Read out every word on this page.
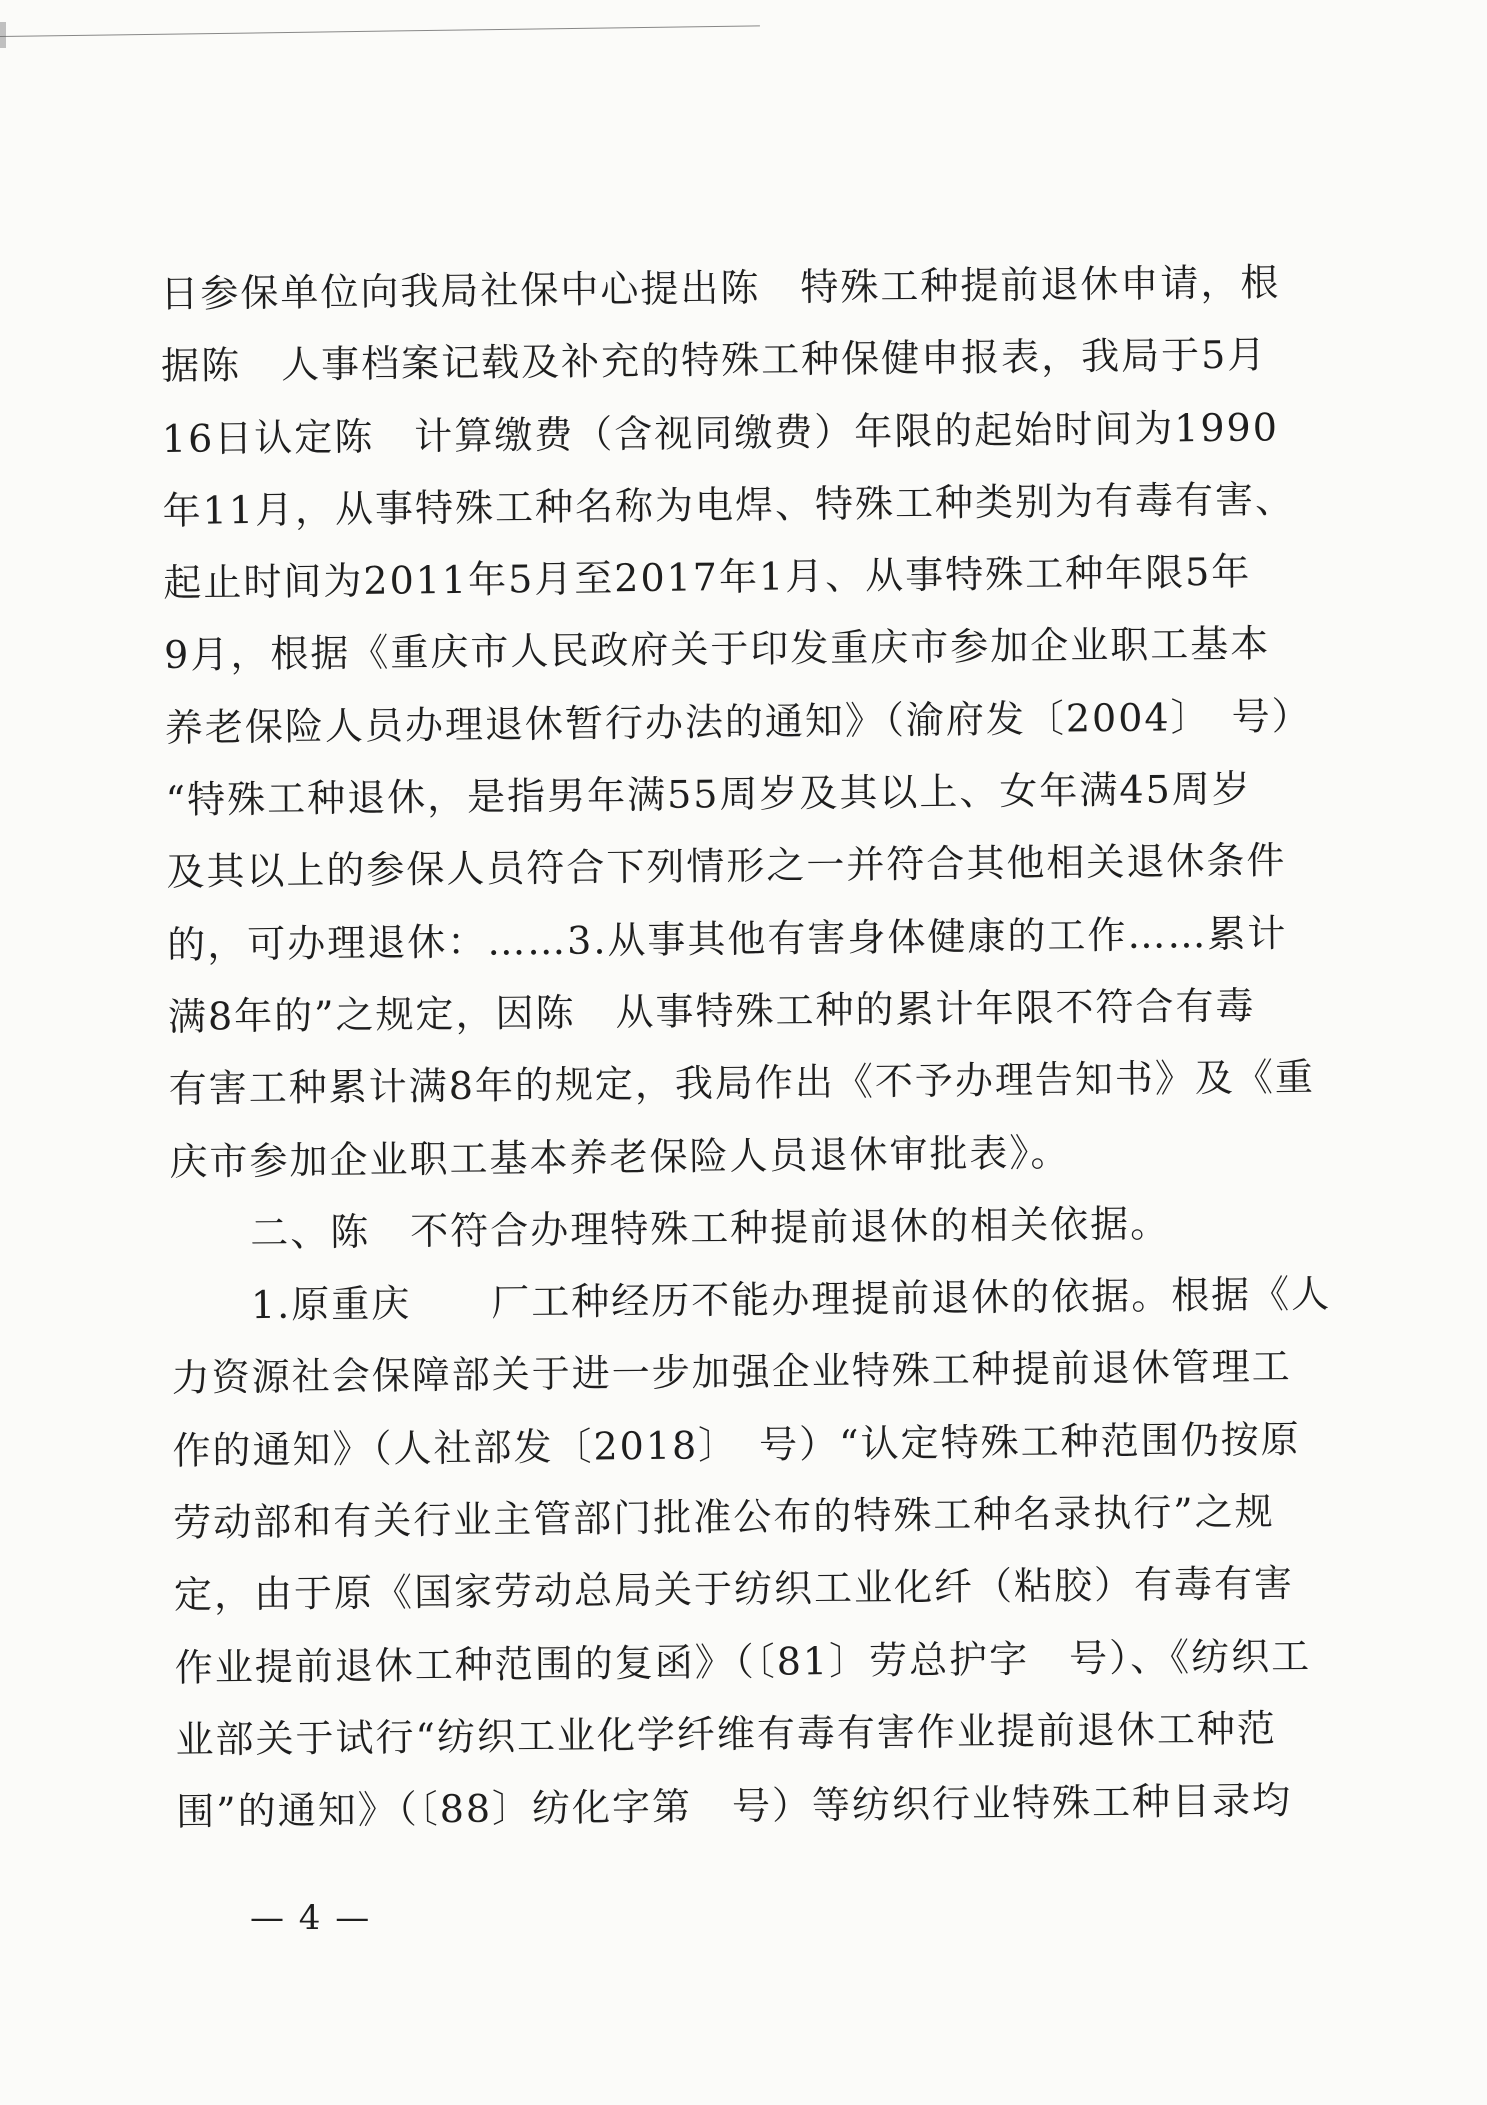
日参保单位向我局社保中心提出陈　特殊工种提前退休申请，根
据陈　人事档案记载及补充的特殊工种保健申报表，我局于5月
16日认定陈　计算缴费（含视同缴费）年限的起始时间为1990
年11月，从事特殊工种名称为电焊、特殊工种类别为有毒有害、
起止时间为2011年5月至2017年1月、从事特殊工种年限5年
9月，根据《重庆市人民政府关于印发重庆市参加企业职工基本
养老保险人员办理退休暂行办法的通知》（渝府发〔2004〕　号）
“特殊工种退休，是指男年满55周岁及其以上、女年满45周岁
及其以上的参保人员符合下列情形之一并符合其他相关退休条件
的，可办理退休：……3.从事其他有害身体健康的工作……累计
满8年的”之规定，因陈　从事特殊工种的累计年限不符合有毒
有害工种累计满8年的规定，我局作出《不予办理告知书》及《重
庆市参加企业职工基本养老保险人员退休审批表》。
　　二、陈　不符合办理特殊工种提前退休的相关依据。
　　1.原重庆　　厂工种经历不能办理提前退休的依据。根据《人
力资源社会保障部关于进一步加强企业特殊工种提前退休管理工
作的通知》（人社部发〔2018〕　号）“认定特殊工种范围仍按原
劳动部和有关行业主管部门批准公布的特殊工种名录执行”之规
定，由于原《国家劳动总局关于纺织工业化纤（粘胶）有毒有害
作业提前退休工种范围的复函》（〔81〕劳总护字　号）、《纺织工
业部关于试行“纺织工业化学纤维有毒有害作业提前退休工种范
围”的通知》（〔88〕纺化字第　号）等纺织行业特殊工种目录均
— 4 —
